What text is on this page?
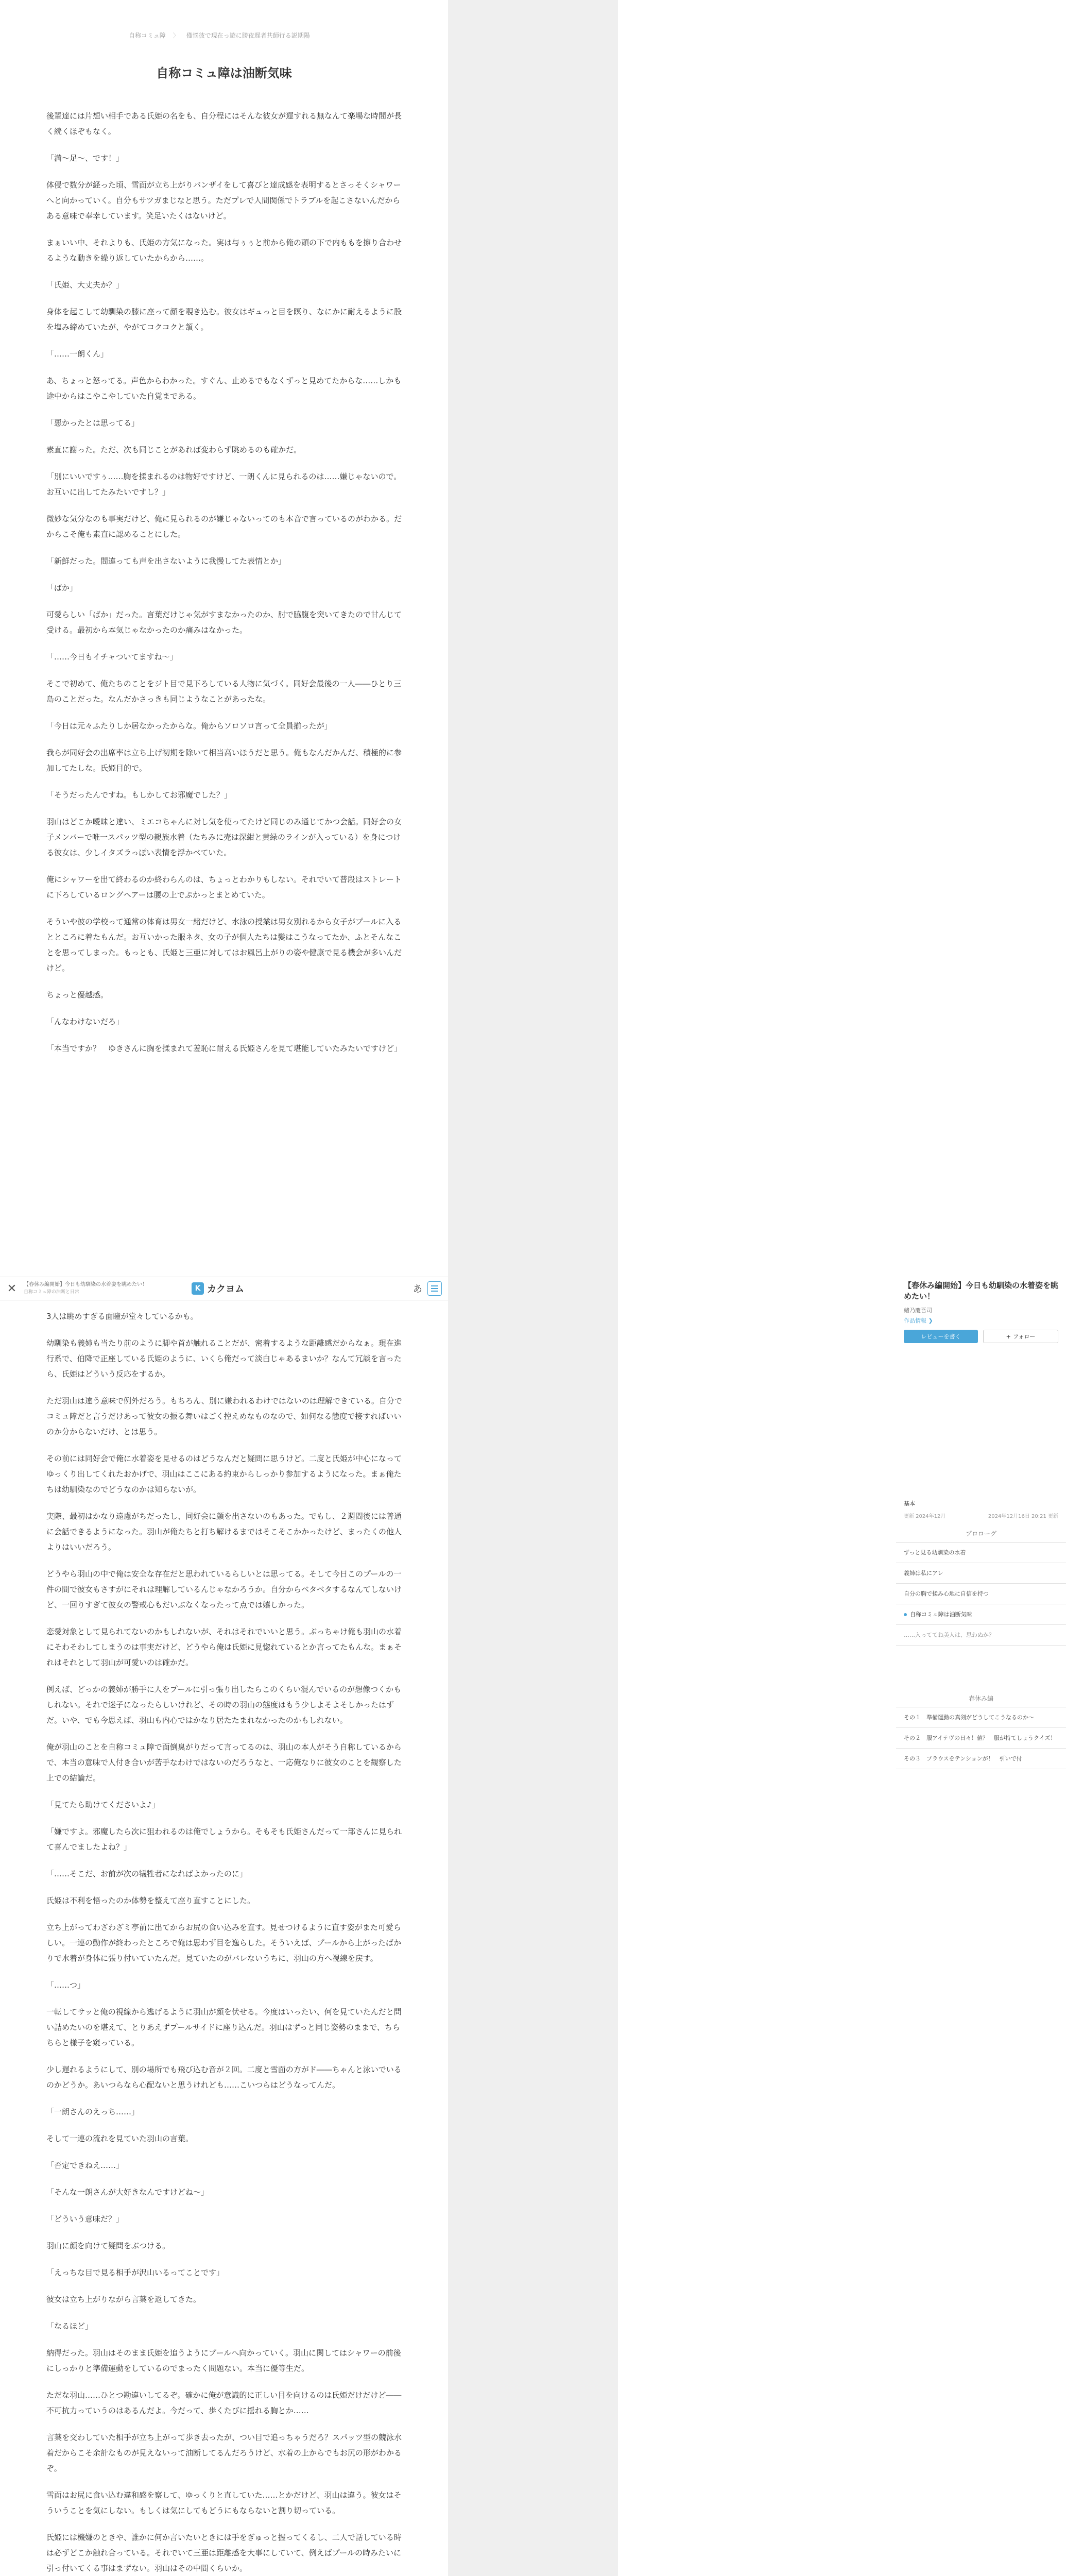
自称コミュ障 〉 僅悩彼で現在っ遊に勝夜遅者共師行る説期陽
自称コミュ障は油断気味

後輩達には片想い相手である氏姫の名をも、自分程にはそんな彼女が遅すれる無なんて楽場な時間が長く続くほぞもなく。

「満～足～、です！」

体侵で数分が経った頃、雪面が立ち上がりバンザイをして喜びと達成感を表明するとさっそくシャワーへと向かっていく。自分もサツガまじなと思う。ただプレで人間関係でトラブルを起こさないんだからある意味で奉幸しています。笑足いたくはないけど。

まぁいい中、それよりも、氏姫の方気になった。実は与ぅぅと前から俺の頭の下で内ももを擦り合わせるような動きを繰り返していたからから……。

「氏姫、大丈夫か？」

身体を起こして幼馴染の膝に座って顔を覗き込む。彼女はギュっと目を瞑り、なにかに耐えるように股を塩み締めていたが、やがてコクコクと頷く。

「……一朗くん」

あ、ちょっと怒ってる。声色からわかった。すぐん、止めるでもなくずっと見めてたからな……しかも途中からはこやこやしていた自覚まである。

「悪かったとは思ってる」

素直に謝った。ただ、次も同じことがあれば変わらず眺めるのも確かだ。

「別にいいですぅ……胸を揉まれるのは物好ですけど、一朗くんに見られるのは……嫌じゃないので。お互いに出してたみたいですし？」

微妙な気分なのも事実だけど、俺に見られるのが嫌じゃないってのも本音で言っているのがわかる。だからこそ俺も素直に認めることにした。

「新鮮だった。間違っても声を出さないように我慢してた表情とか」

「ばか」

可愛らしい「ばか」だった。言葉だけじゃ気がすまなかったのか、肘で脇腹を突いてきたので甘んじて受ける。最初から本気じゃなかったのか痛みはなかった。

「……今日もイチャついてますね～」

そこで初めて、俺たちのことをジト目で見下ろしている人物に気づく。同好会最後の一人――ひとり三島のことだった。なんだかさっきも同じようなことがあったな。

「今日は元々ふたりしか居なかったからな。俺からソロソロ言って全員揃ったが」

我らが同好会の出席率は立ち上げ初期を除いて相当高いほうだと思う。俺もなんだかんだ、積極的に参加してたしな。氏姫目的で。

「そうだったんですね。もしかしてお邪魔でした？」

羽山はどこか曖昧と違い、ミエコちゃんに対し気を使ってたけど同じのみ通じてかつ会話。同好会の女子メンバーで唯一スパッツ型の親族水着（たちみに売は深紺と黄緑のラインが入っている）を身につける彼女は、少しイタズラっぽい表情を浮かべていた。

俺にシャワーを出て終わるのか終わらんのは、ちょっとわかりもしない。それでいて普段はストレートに下ろしているロングヘアーは腰の上でぷかっとまとめていた。

そういや彼の学校って通常の体育は男女一緒だけど、水泳の授業は男女別れるから女子がプールに入るとところに着たもんだ。お互いかった服ネタ、女の子が個人たちは髪はこうなってたか、ふとそんなことを思ってしまった。もっとも、氏姫と三亜に対してはお風呂上がりの姿や健康で見る機会が多いんだけど。

ちょっと優越感。

「んなわけないだろ」

「本当ですか？　ゆきさんに胸を揉まれて羞恥に耐える氏姫さんを見て堪能していたみたいですけど」

✕	【春休み編開始】今日も幼馴染の水着姿を眺めたい！
自称コミュ障の油断と日常	K カクヨム	あ

3人は眺めすぎる面瞳が堂々しているかも。

幼馴染も義姉も当たり前のように脚や首が触れることだが、密着するような距離感だからなぁ。現在進行系で、伯降で正座している氏姫のように、いくら俺だって淡白じゃあるまいか？なんて冗談を言ったら、氏姫はどういう反応をするか。

ただ羽山は違う意味で例外だろう。もちろん、別に嫌われるわけではないのは理解できている。自分でコミュ障だと言うだけあって彼女の振る舞いはごく控えめなものなので、如何なる態度で接すればいいのか分からないだけ、とは思う。

その前には同好会で俺に水着姿を見せるのはどうなんだと疑問に思うけど。二度と氏姫が中心になってゆっくり出してくれたおかげで、羽山はここにある約束からしっかり参加するようになった。まぁ俺たちは幼馴染なのでどうなのかは知らないが。

実際、最初はかなり遠慮がちだったし、同好会に顔を出さないのもあった。でもし、２週間後には普通に会話できるようになった。羽山が俺たちと打ち解けるまではそこそこかかったけど、まったくの他人よりはいいだろう。

どうやら羽山の中で俺は安全な存在だと思われているらしいとは思ってる。そして今日このプールの一件の間で彼女もさすがにそれは理解しているんじゃなかろうか。自分からベタベタするなんてしないけど、一回りすぎて彼女の警戒心もだいぶなくなったって点では嬉しかった。

恋愛対象として見られてないのかもしれないが、それはそれでいいと思う。ぶっちゃけ俺も羽山の水着にそわそわしてしまうのは事実だけど、どうやら俺は氏姫に見惚れているとか言ってたもんな。まぁそれはそれとして羽山が可愛いのは確かだ。

例えば、どっかの義姉が勝手に人をプールに引っ張り出したらこのくらい混んでいるのが想像つくかもしれない。それで迷子になったらしいけれど、その時の羽山の態度はもう少しよそよそしかったはずだ。いや、でも今思えば、羽山も内心ではかなり居たたまれなかったのかもしれない。

俺が羽山のことを自称コミュ障で面倒臭がりだって言ってるのは、羽山の本人がそう自称しているからで、本当の意味で人付き合いが苦手なわけではないのだろうなと、一応俺なりに彼女のことを観察した上での結論だ。

「見てたら助けてくださいよ♪」

「嫌ですよ。邪魔したら次に狙われるのは俺でしょうから。そもそも氏姫さんだって一部さんに見られて喜んでましたよね？」

「……そこだ、お前が次の犠牲者になればよかったのに」

氏姫は不利を悟ったのか体勢を整えて座り直すことにした。

立ち上がってわざわざミ亭前に出てからお尻の食い込みを直す。見せつけるように直す姿がまた可愛らしい。一連の動作が終わったところで俺は思わず目を逸らした。そういえば、プールから上がったばかりで水着が身体に張り付いていたんだ。見ていたのがバレないうちに、羽山の方へ視線を戻す。

「……つ」

一転してサッと俺の視線から逃げるように羽山が顔を伏せる。今度はいったい、何を見ていたんだと問い詰めたいのを堪えて、とりあえずプールサイドに座り込んだ。羽山はずっと同じ姿勢のままで、ちらちらと様子を窺っている。

少し遅れるようにして、別の場所でも飛び込む音が２回。二度と雪面の方がド――ちゃんと泳いでいるのかどうか。あいつらなら心配ないと思うけれども……こいつらはどうなってんだ。

「一朗さんのえっち……」

そして一連の流れを見ていた羽山の言葉。

「否定できねえ……」

「そんな一朗さんが大好きなんですけどね～」

「どういう意味だ？」

羽山に顔を向けて疑問をぶつける。

「えっちな目で見る相手が沢山いるってことです」

彼女は立ち上がりながら言葉を返してきた。

「なるほど」

納得だった。羽山はそのまま氏姫を追うようにプールへ向かっていく。羽山に関してはシャワーの前後にしっかりと準備運動をしているのでまったく問題ない。本当に優等生だ。

ただな羽山……ひとつ勘違いしてるぞ。確かに俺が意識的に正しい目を向けるのは氏姫だけだけど――不可抗力っていうのはあるんだよ。今だって、歩くたびに揺れる胸とか……

言葉を交わしていた相手が立ち上がって歩き去ったが、つい目で追っちゃうだろ？スパッツ型の競泳水着だからこそ余計なものが見えないって油断してるんだろうけど、水着の上からでもお尻の形がわかるぞ。

雪面はお尻に食い込む違和感を察して、ゆっくりと直していた……とかだけど、羽山は違う。彼女はそういうことを気にしない。もしくは気にしてもどうにもならないと割り切っている。

氏姫には機嫌のときや、誰かに何か言いたいときには手をぎゅっと握ってくるし、二人で話している時は必ずどこか触れ合っている。それでいて三亜は距離感を大事にしていて、例えばプールの時みたいに引っ付いてくる事はまずない。羽山はその中間くらいか。

【春休み編開始】今日も幼馴染の水着姿を眺めたい！
緒乃慶吾司
作品情報 ❯
レビューを書く	+ フォロー
基本
更新 2024年12月	2024年12月16日 20:21 更新
プロローグ
ずっと見る幼馴染の水着
義姉は私にアレ
自分の胸で揉み心地に自信を持つ
自称コミュ障は油断気味
……入っててね美人は、思わぬか？
春休み編
その１　準備運動の真剣がどうしてこうなるのか～
その２　服アイテヴの日々！値？　服が持てしょうクイズ！
その３　プラウスをテンションが！　引いで付
